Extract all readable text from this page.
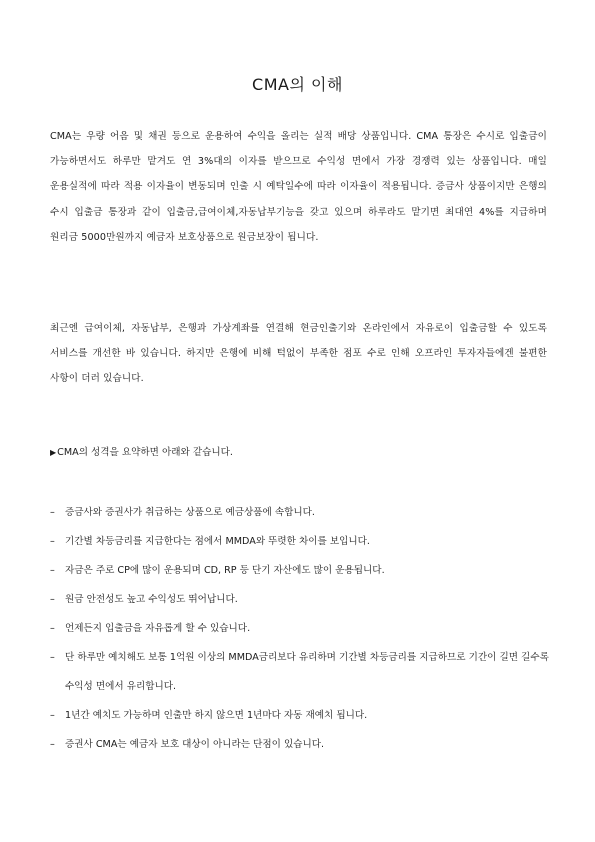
CMA의 이해

CMA는 우량 어음 및 채권 등으로 운용하여 수익을 올리는 실적 배당 상품입니다. CMA 통장은 수시로 입출금이 가능하면서도 하루만 맡겨도 연 3%대의 이자를 받으므로 수익성 면에서 가장 경쟁력 있는 상품입니다. 매일 운용실적에 따라 적용 이자율이 변동되며 인출 시 예탁일수에 따라 이자율이 적용됩니다. 증금사 상품이지만 은행의 수시 입출금 통장과 같이 입출금,급여이체,자동납부기능을 갖고 있으며 하루라도 맡기면 최대연 4%를 지급하며 원리금 5000만원까지 예금자 보호상품으로 원금보장이 됩니다.

최근엔 급여이체, 자동납부, 은행과 가상계좌를 연결해 현금인출기와 온라인에서 자유로이 입출금할 수 있도록 서비스를 개선한 바 있습니다. 하지만 은행에 비해 턱없이 부족한 점포 수로 인해 오프라인 투자자들에겐 불편한 사항이 더러 있습니다.

▶CMA의 성격을 요약하면 아래와 같습니다.

– 증금사와 증권사가 취급하는 상품으로 예금상품에 속합니다.
– 기간별 차등금리를 지급한다는 점에서 MMDA와 뚜렷한 차이를 보입니다.
– 자금은 주로 CP에 많이 운용되며 CD, RP 등 단기 자산에도 많이 운용됩니다.
– 원금 안전성도 높고 수익성도 뛰어납니다.
– 언제든지 입출금을 자유롭게 할 수 있습니다.
– 단 하루만 예치해도 보통 1억원 이상의 MMDA금리보다 유리하며 기간별 차등금리를 지급하므로 기간이 길면 길수록 수익성 면에서 유리합니다.
– 1년간 예치도 가능하며 인출만 하지 않으면 1년마다 자동 재예치 됩니다.
– 증권사 CMA는 예금자 보호 대상이 아니라는 단점이 있습니다.
